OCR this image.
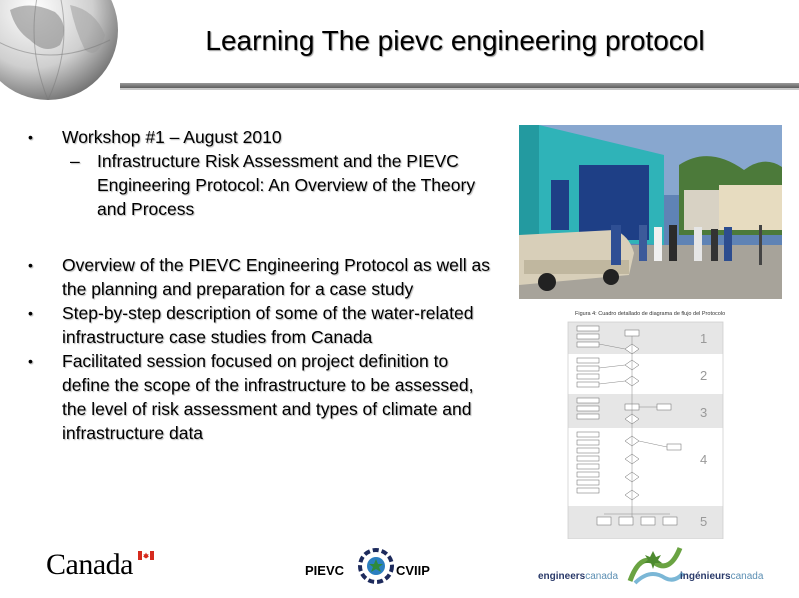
Learning The pievc engineering protocol
• Workshop #1 – August 2010
– Infrastructure Risk Assessment and the PIEVC Engineering Protocol: An Overview of the Theory and Process
• Overview of the PIEVC Engineering Protocol as well as the planning and preparation for a case study
• Step-by-step description of some of the water-related infrastructure case studies from Canada
• Facilitated session focused on project definition to define the scope of the infrastructure to be assessed, the level of risk assessment and types of climate and infrastructure data
Figura 4: Cuadro detallado de diagrama de flujo del Protocolo
1
2
3
4
5
Canada	PIEVC	CVIIP	engineerscanada	ingénieurscanada
